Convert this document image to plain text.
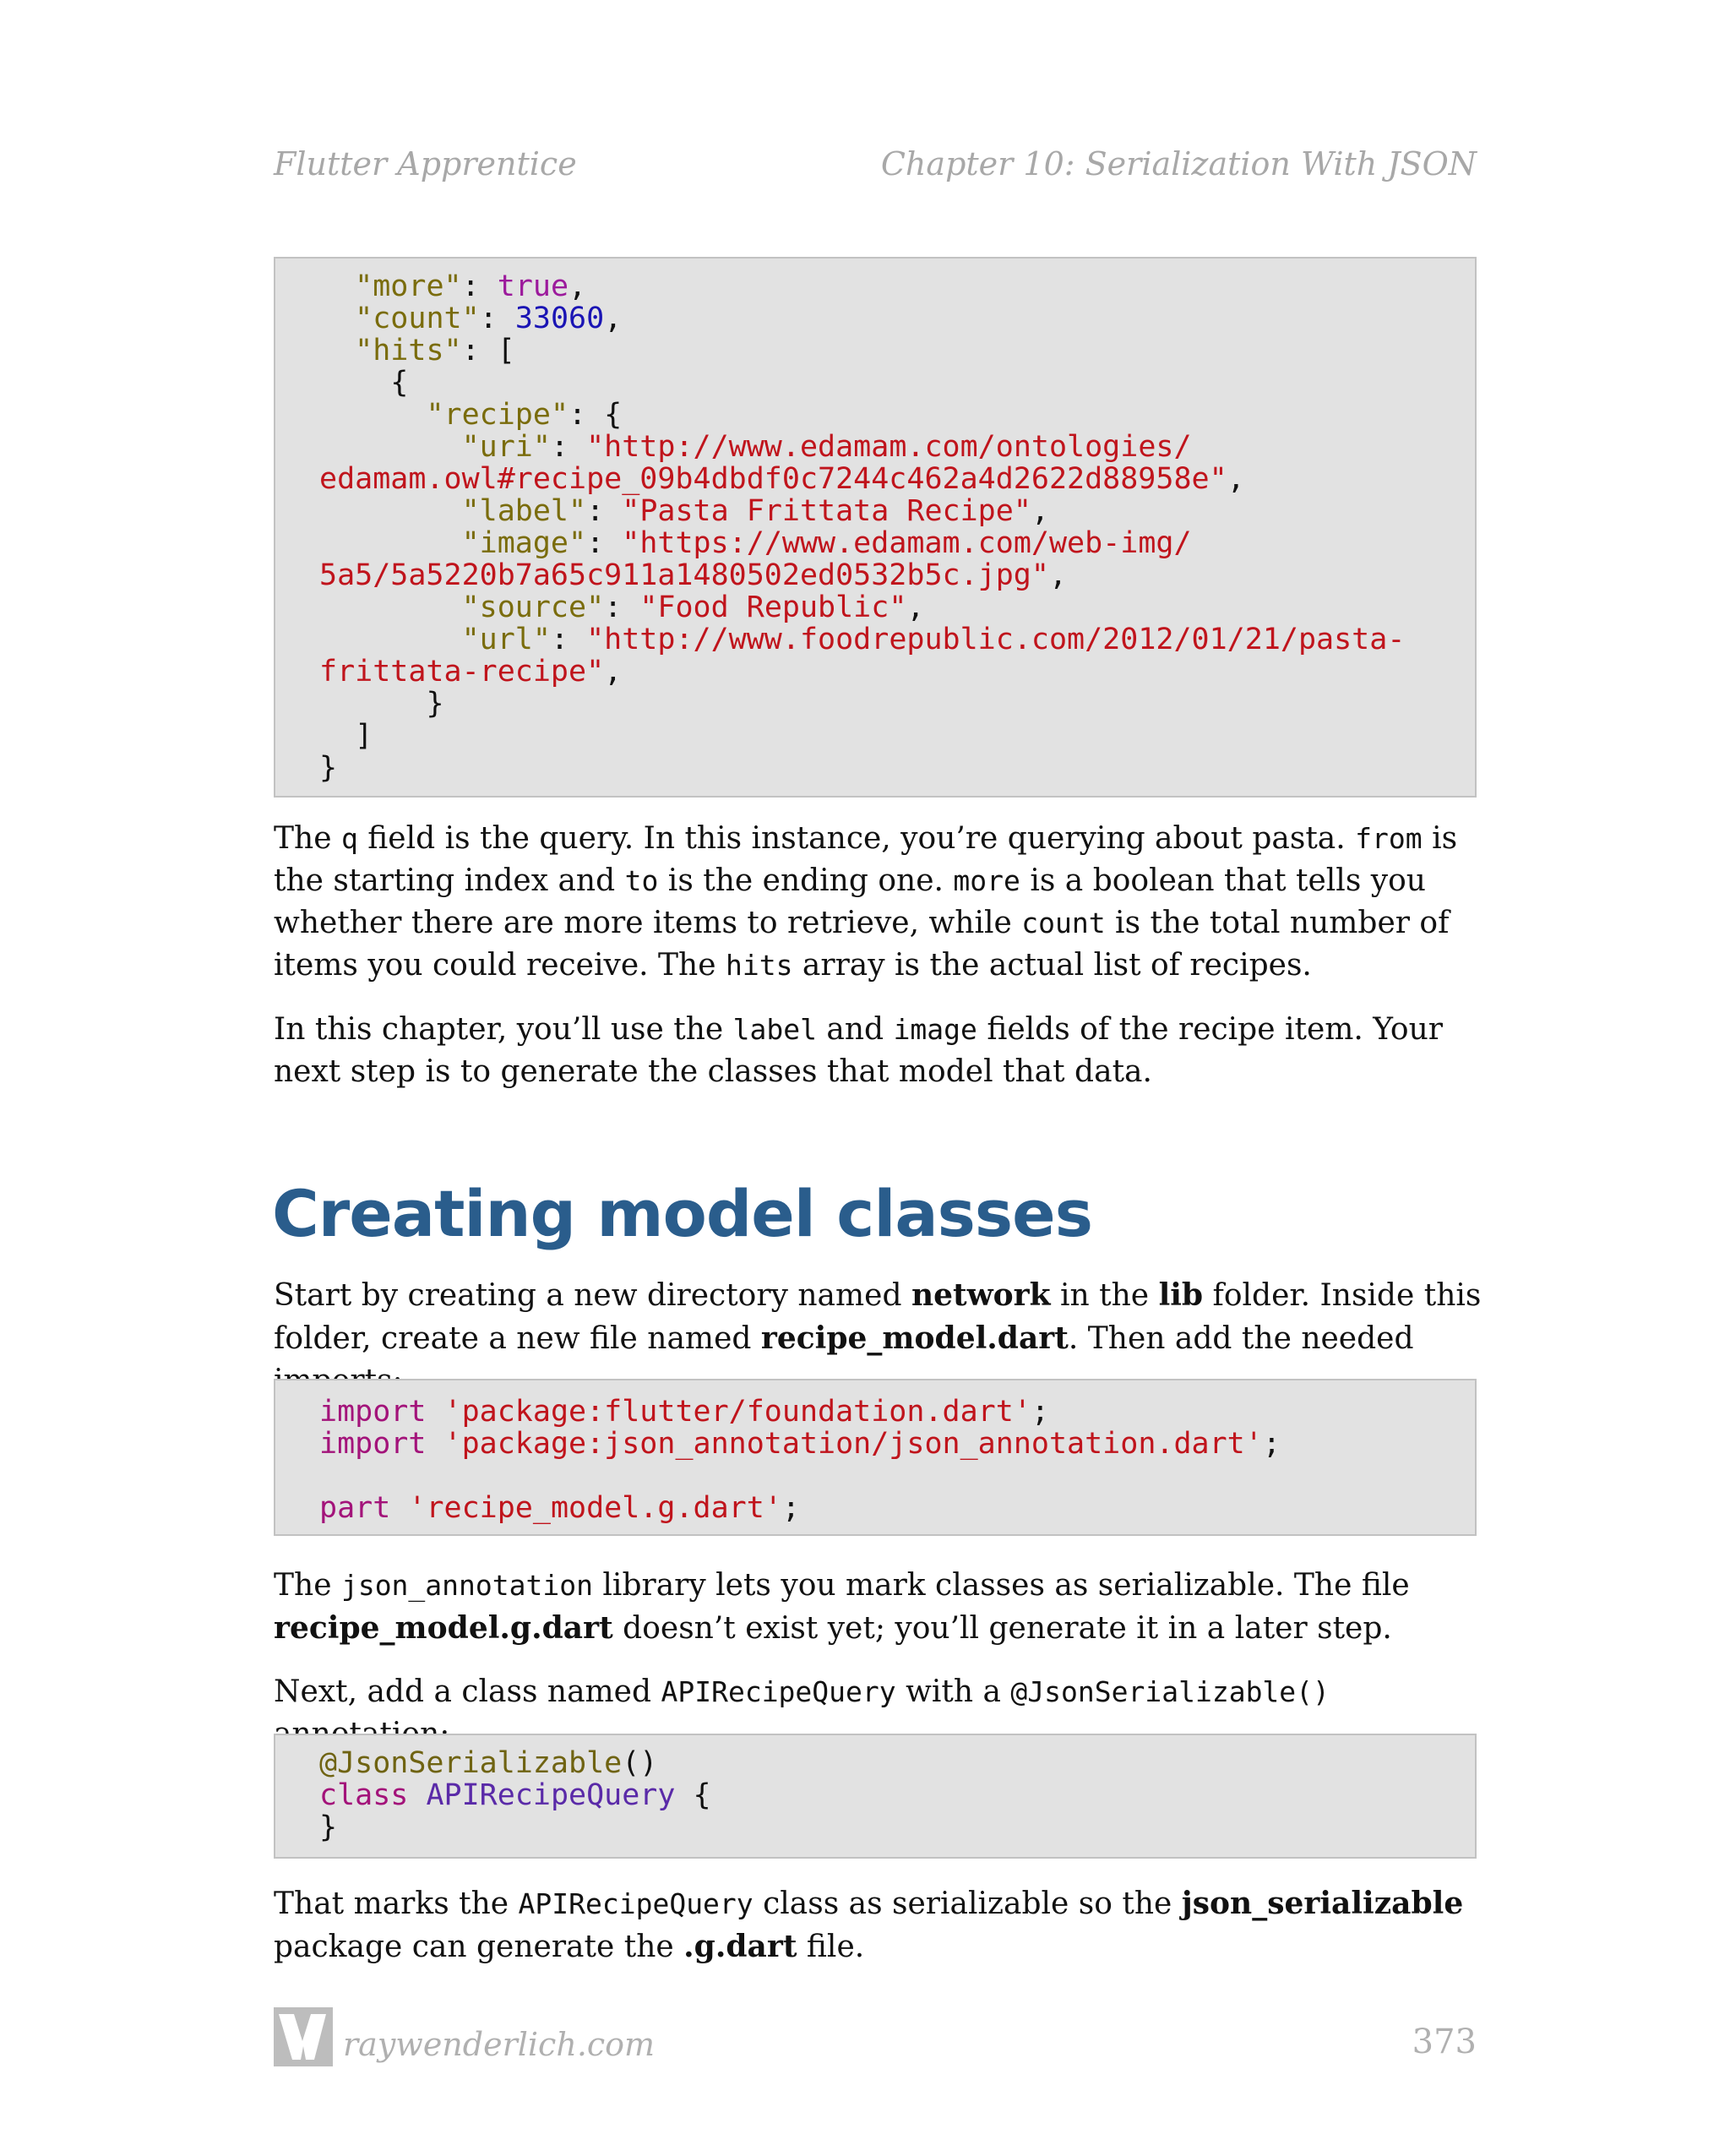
Flutter Apprentice	Chapter 10: Serialization With JSON
"more": true,
"count": 33060,
"hits": [
{
"recipe": {
"uri": "http://www.edamam.com/ontologies/
edamam.owl#recipe_09b4dbdf0c7244c462a4d2622d88958e",
"label": "Pasta Frittata Recipe",
"image": "https://www.edamam.com/web-img/
5a5/5a5220b7a65c911a1480502ed0532b5c.jpg",
"source": "Food Republic",
"url": "http://www.foodrepublic.com/2012/01/21/pasta-
frittata-recipe",
}
]
}

The q field is the query. In this instance, you’re querying about pasta. from is the starting index and to is the ending one. more is a boolean that tells you whether there are more items to retrieve, while count is the total number of items you could receive. The hits array is the actual list of recipes.

In this chapter, you’ll use the label and image fields of the recipe item. Your next step is to generate the classes that model that data.

Creating model classes

Start by creating a new directory named network in the lib folder. Inside this folder, create a new file named recipe_model.dart. Then add the needed

import 'package:flutter/foundation.dart';
import 'package:json_annotation/json_annotation.dart';

part 'recipe_model.g.dart';

The json_annotation library lets you mark classes as serializable. The file recipe_model.g.dart doesn’t exist yet; you’ll generate it in a later step.

Next, add a class named APIRecipeQuery with a @JsonSerializable()

@JsonSerializable()
class APIRecipeQuery {
}

That marks the APIRecipeQuery class as serializable so the json_serializable package can generate the .g.dart file.

raywenderlich.com	373
